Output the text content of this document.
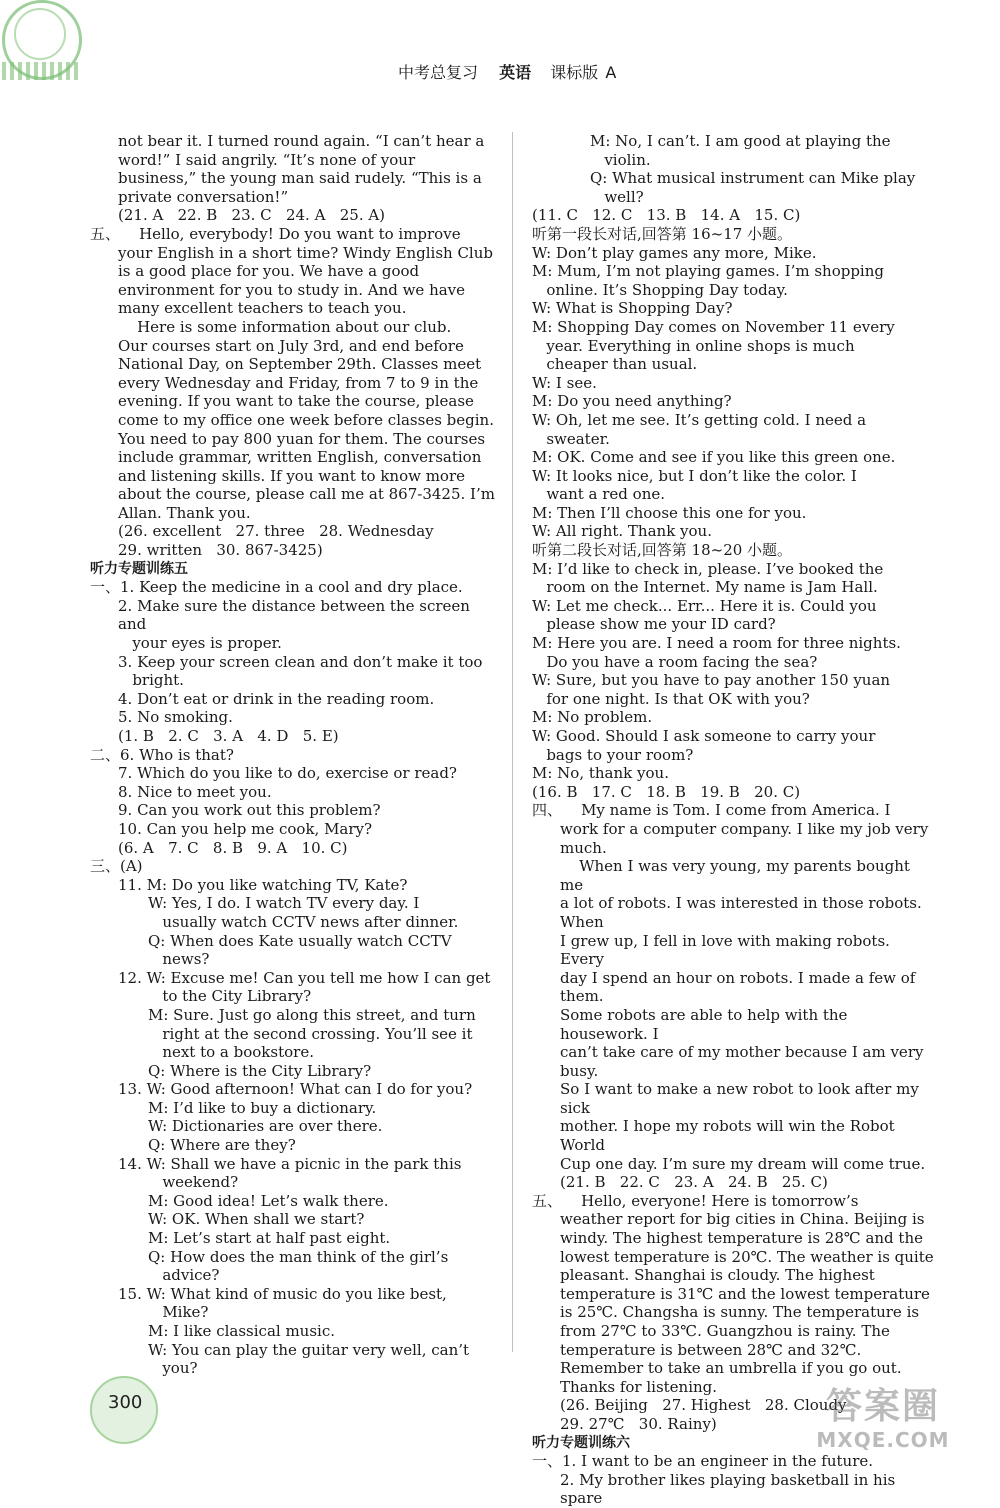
中考总复习 英语 课标版 A
not bear it. I turned round again. “I can’t hear a
word!” I said angrily. “It’s none of your
business,” the young man said rudely. “This is a
private conversation!”
(21. A   22. B   23. C   24. A   25. A)
五、    Hello, everybody! Do you want to improve
your English in a short time? Windy English Club
is a good place for you. We have a good
environment for you to study in. And we have
many excellent teachers to teach you.
Here is some information about our club.
Our courses start on July 3rd, and end before
National Day, on September 29th. Classes meet
every Wednesday and Friday, from 7 to 9 in the
evening. If you want to take the course, please
come to my office one week before classes begin.
You need to pay 800 yuan for them. The courses
include grammar, written English, conversation
and listening skills. If you want to know more
about the course, please call me at 867-3425. I’m
Allan. Thank you.
(26. excellent   27. three   28. Wednesday
29. written   30. 867-3425)
听力专题训练五
一、1. Keep the medicine in a cool and dry place.
2. Make sure the distance between the screen and
your eyes is proper.
3. Keep your screen clean and don’t make it too
bright.
4. Don’t eat or drink in the reading room.
5. No smoking.
(1. B   2. C   3. A   4. D   5. E)
二、6. Who is that?
7. Which do you like to do, exercise or read?
8. Nice to meet you.
9. Can you work out this problem?
10. Can you help me cook, Mary?
(6. A   7. C   8. B   9. A   10. C)
三、(A)
11. M: Do you like watching TV, Kate?
W: Yes, I do. I watch TV every day. I
usually watch CCTV news after dinner.
Q: When does Kate usually watch CCTV
news?
12. W: Excuse me! Can you tell me how I can get
to the City Library?
M: Sure. Just go along this street, and turn
right at the second crossing. You’ll see it
next to a bookstore.
Q: Where is the City Library?
13. W: Good afternoon! What can I do for you?
M: I’d like to buy a dictionary.
W: Dictionaries are over there.
Q: Where are they?
14. W: Shall we have a picnic in the park this
weekend?
M: Good idea! Let’s walk there.
W: OK. When shall we start?
M: Let’s start at half past eight.
Q: How does the man think of the girl’s
advice?
15. W: What kind of music do you like best,
Mike?
M: I like classical music.
W: You can play the guitar very well, can’t
you?
M: No, I can’t. I am good at playing the
violin.
Q: What musical instrument can Mike play
well?
(11. C   12. C   13. B   14. A   15. C)
听第一段长对话,回答第 16~17 小题。
W: Don’t play games any more, Mike.
M: Mum, I’m not playing games. I’m shopping
online. It’s Shopping Day today.
W: What is Shopping Day?
M: Shopping Day comes on November 11 every
year. Everything in online shops is much
cheaper than usual.
W: I see.
M: Do you need anything?
W: Oh, let me see. It’s getting cold. I need a
sweater.
M: OK. Come and see if you like this green one.
W: It looks nice, but I don’t like the color. I
want a red one.
M: Then I’ll choose this one for you.
W: All right. Thank you.
听第二段长对话,回答第 18~20 小题。
M: I’d like to check in, please. I’ve booked the
room on the Internet. My name is Jam Hall.
W: Let me check... Err... Here it is. Could you
please show me your ID card?
M: Here you are. I need a room for three nights.
Do you have a room facing the sea?
W: Sure, but you have to pay another 150 yuan
for one night. Is that OK with you?
M: No problem.
W: Good. Should I ask someone to carry your
bags to your room?
M: No, thank you.
(16. B   17. C   18. B   19. B   20. C)
四、    My name is Tom. I come from America. I
work for a computer company. I like my job very
much.
When I was very young, my parents bought me
a lot of robots. I was interested in those robots. When
I grew up, I fell in love with making robots. Every
day I spend an hour on robots. I made a few of them.
Some robots are able to help with the housework. I
can’t take care of my mother because I am very busy.
So I want to make a new robot to look after my sick
mother. I hope my robots will win the Robot World
Cup one day. I’m sure my dream will come true.
(21. B   22. C   23. A   24. B   25. C)
五、    Hello, everyone! Here is tomorrow’s
weather report for big cities in China. Beijing is
windy. The highest temperature is 28℃ and the
lowest temperature is 20℃. The weather is quite
pleasant. Shanghai is cloudy. The highest
temperature is 31℃ and the lowest temperature
is 25℃. Changsha is sunny. The temperature is
from 27℃ to 33℃. Guangzhou is rainy. The
temperature is between 28℃ and 32℃.
Remember to take an umbrella if you go out.
Thanks for listening.
(26. Beijing   27. Highest   28. Cloudy
29. 27℃   30. Rainy)
听力专题训练六
一、1. I want to be an engineer in the future.
2. My brother likes playing basketball in his spare
300	答案圈
MXQE.COM
